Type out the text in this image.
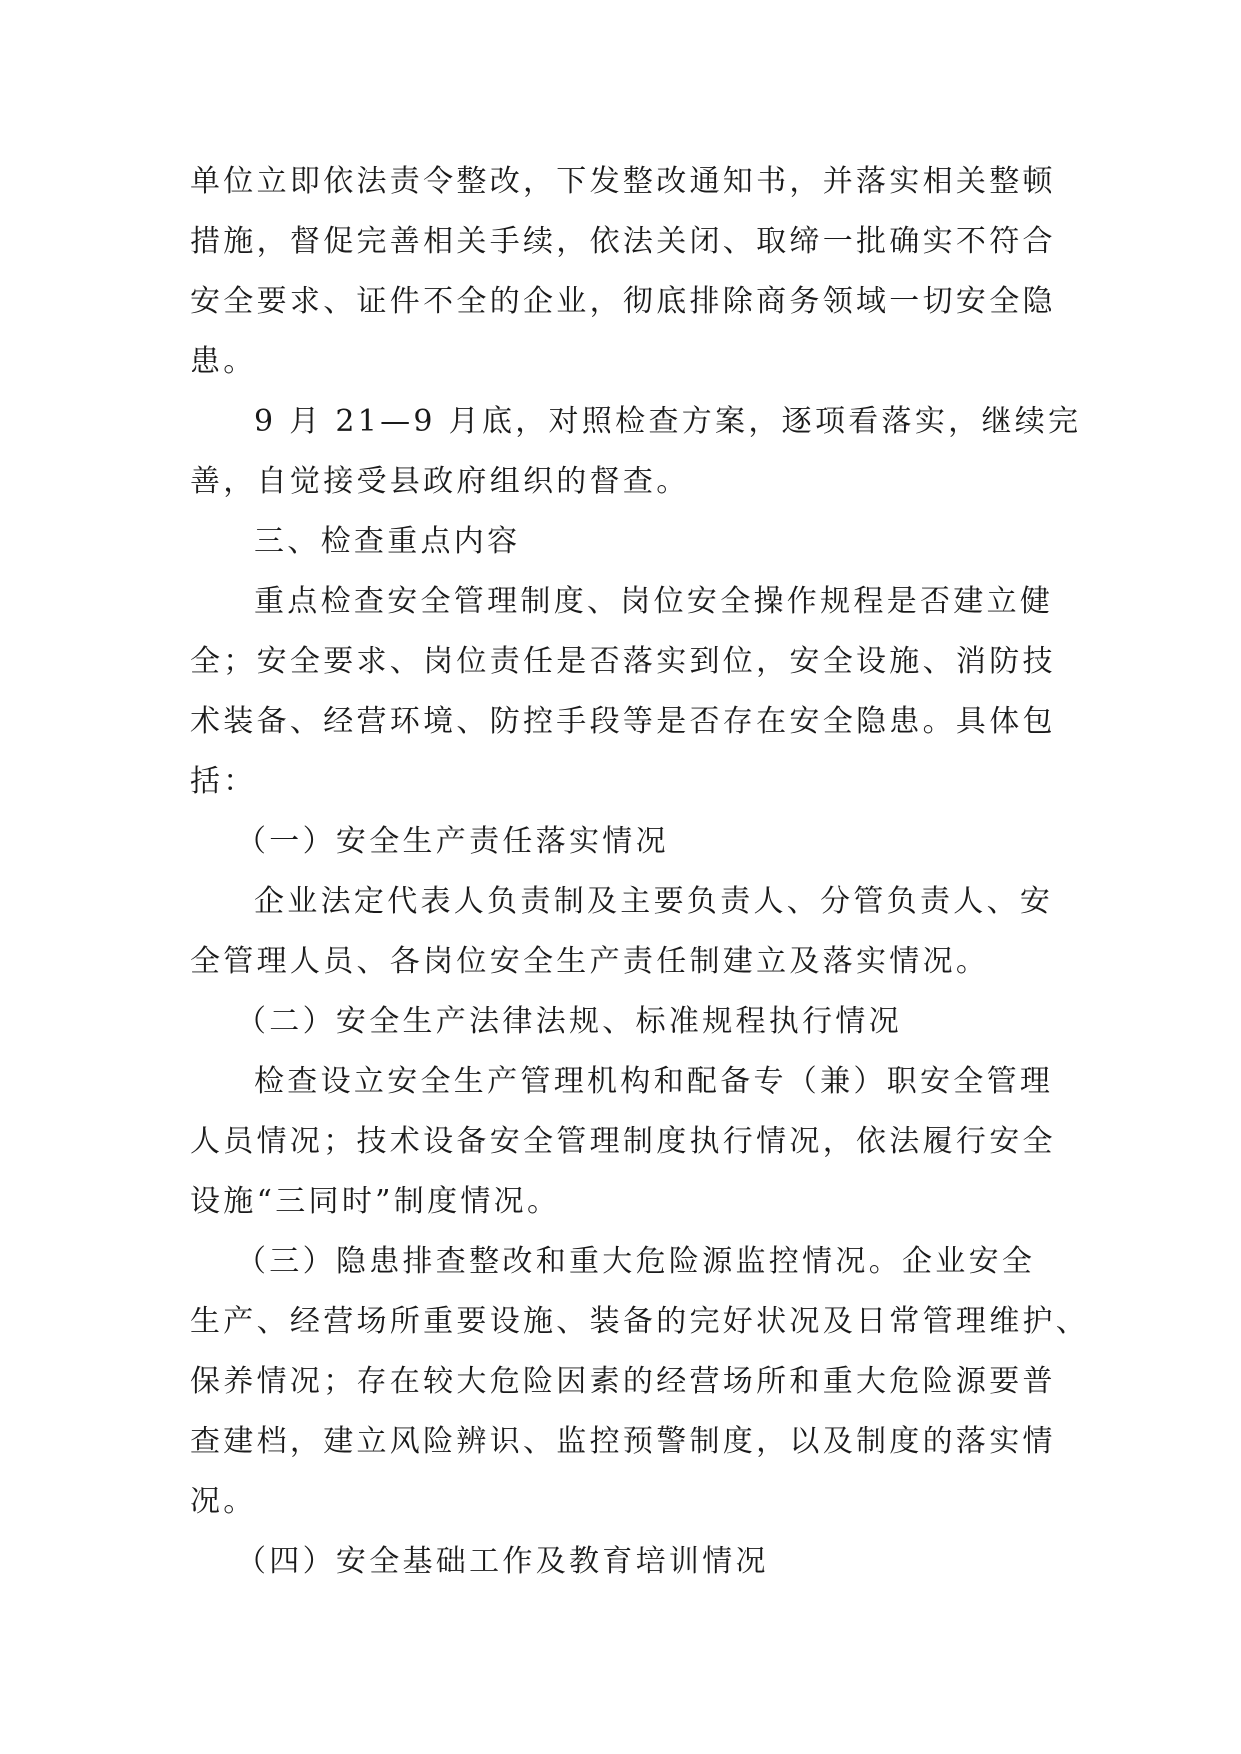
单位立即依法责令整改，下发整改通知书，并落实相关整顿
措施，督促完善相关手续，依法关闭、取缔一批确实不符合
安全要求、证件不全的企业，彻底排除商务领域一切安全隐
患。

9 月 21—9 月底，对照检查方案，逐项看落实，继续完
善，自觉接受县政府组织的督查。

三、检查重点内容

重点检查安全管理制度、岗位安全操作规程是否建立健
全；安全要求、岗位责任是否落实到位，安全设施、消防技
术装备、经营环境、防控手段等是否存在安全隐患。具体包
括：

（一）安全生产责任落实情况

企业法定代表人负责制及主要负责人、分管负责人、安
全管理人员、各岗位安全生产责任制建立及落实情况。

（二）安全生产法律法规、标准规程执行情况

检查设立安全生产管理机构和配备专（兼）职安全管理
人员情况；技术设备安全管理制度执行情况，依法履行安全
设施“三同时”制度情况。

（三）隐患排查整改和重大危险源监控情况。企业安全
生产、经营场所重要设施、装备的完好状况及日常管理维护、
保养情况；存在较大危险因素的经营场所和重大危险源要普
查建档，建立风险辨识、监控预警制度，以及制度的落实情
况。

（四）安全基础工作及教育培训情况
